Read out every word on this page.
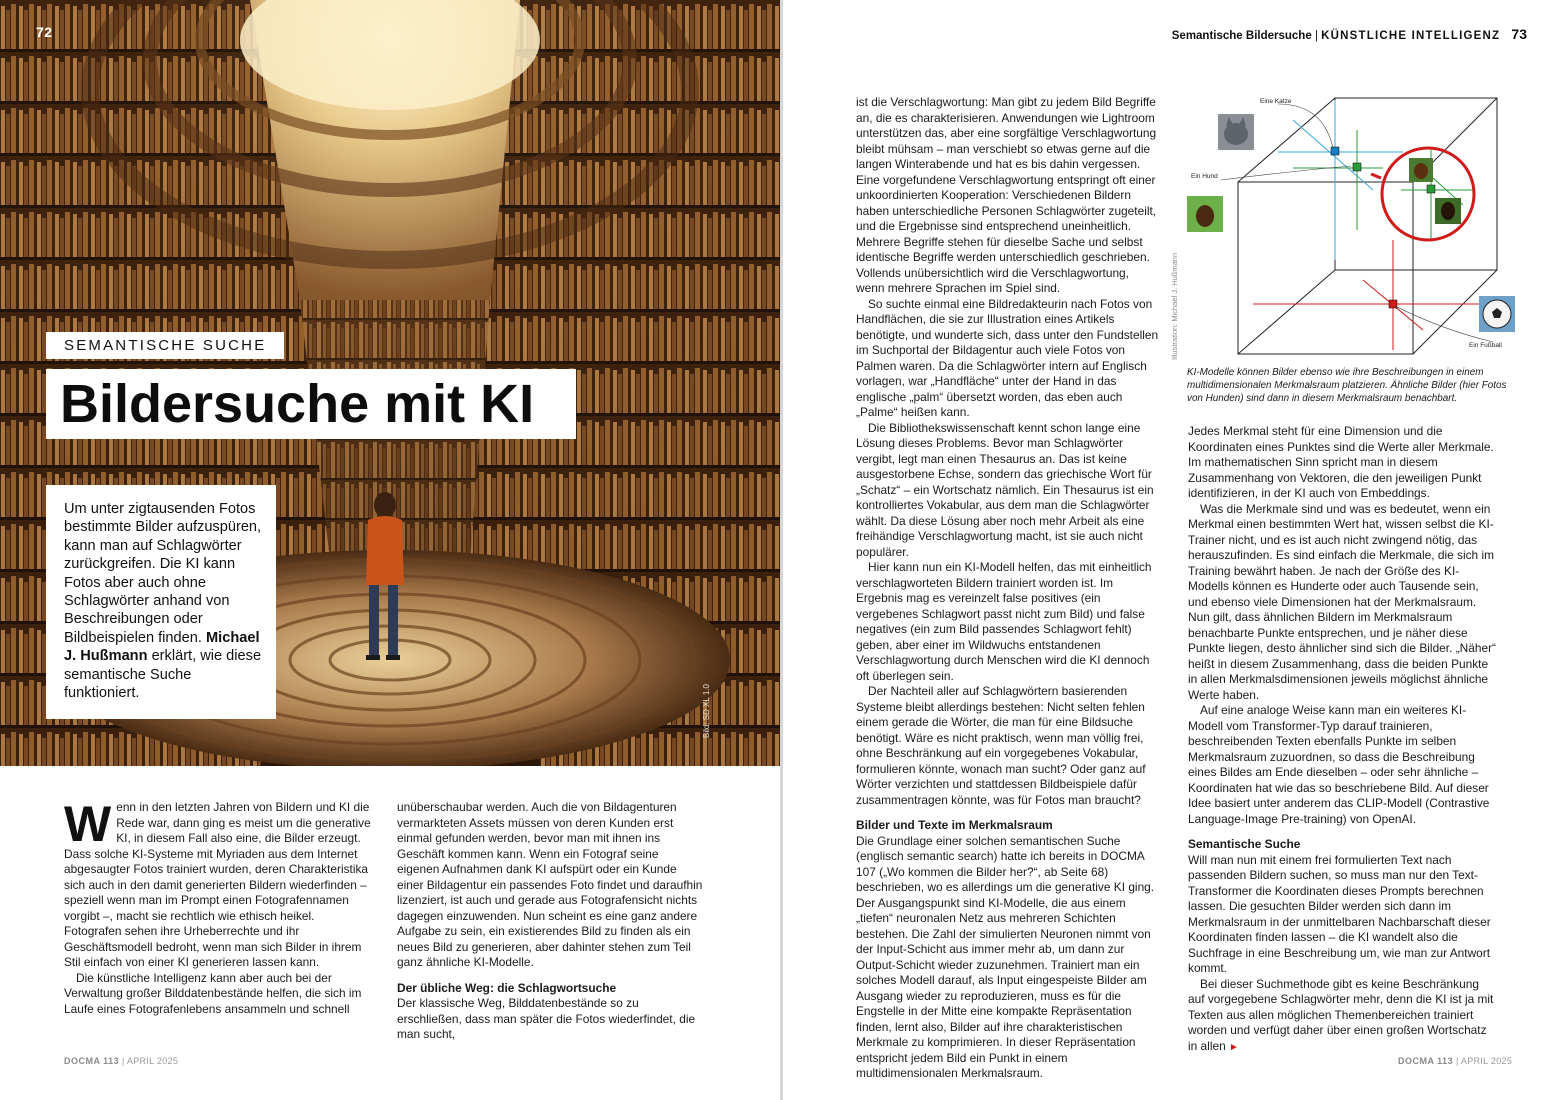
72
SEMANTISCHE SUCHE
Bildersuche mit KI
Um unter zigtausenden Fotos bestimmte Bilder aufzuspüren, kann man auf Schlagwörter zurückgreifen. Die KI kann Fotos aber auch ohne Schlagwörter anhand von Beschreibungen oder Bildbeispielen finden. Michael J. Hußmann erklärt, wie diese semantische Suche funktioniert.	Bild: SD XL 1.0

Wenn in den letzten Jahren von Bildern und KI die Rede war, dann ging es meist um die generative KI, in diesem Fall also eine, die Bilder erzeugt. Dass solche KI-Systeme mit Myriaden aus dem Internet abgesaugter Fotos trainiert wurden, deren Charakteristika sich auch in den damit generierten Bildern wiederfinden – speziell wenn man im Prompt einen Fotografennamen vorgibt –, macht sie rechtlich wie ethisch heikel. Fotografen sehen ihre Urheberrechte und ihr Geschäftsmodell bedroht, wenn man sich Bilder in ihrem Stil einfach von einer KI generieren lassen kann.

Die künstliche Intelligenz kann aber auch bei der Verwaltung großer Bilddatenbestände helfen, die sich im Laufe eines Fotografenlebens ansammeln und schnell

unüberschaubar werden. Auch die von Bildagenturen vermarkteten Assets müssen von deren Kunden erst einmal gefunden werden, bevor man mit ihnen ins Geschäft kommen kann. Wenn ein Fotograf seine eigenen Aufnahmen dank KI aufspürt oder ein Kunde einer Bildagentur ein passendes Foto findet und daraufhin lizenziert, ist auch und gerade aus Fotografensicht nichts dagegen einzuwenden. Nun scheint es eine ganz andere Aufgabe zu sein, ein existierendes Bild zu finden als ein neues Bild zu generieren, aber dahinter stehen zum Teil ganz ähnliche KI-Modelle.

Der übliche Weg: die Schlagwortsuche

Der klassische Weg, Bilddatenbestände so zu erschließen, dass man später die Fotos wiederfindet, die man sucht,

DOCMA 113 | APRIL 2025
Semantische Bildersuche | KÜNSTLICHE INTELLIGENZ 73

ist die Verschlagwortung: Man gibt zu jedem Bild Begriffe an, die es charakterisieren. Anwendungen wie Lightroom unterstützen das, aber eine sorgfältige Verschlagwortung bleibt mühsam – man verschiebt so etwas gerne auf die langen Winterabende und hat es bis dahin vergessen. Eine vorgefundene Verschlagwortung entspringt oft einer unkoordinierten Kooperation: Verschiedenen Bildern haben unterschiedliche Personen Schlagwörter zugeteilt, und die Ergebnisse sind entsprechend uneinheitlich. Mehrere Begriffe stehen für dieselbe Sache und selbst identische Begriffe werden unterschiedlich geschrieben. Vollends unübersichtlich wird die Verschlagwortung, wenn mehrere Sprachen im Spiel sind.

So suchte einmal eine Bildredakteurin nach Fotos von Handflächen, die sie zur Illustration eines Artikels benötigte, und wunderte sich, dass unter den Fundstellen im Suchportal der Bildagentur auch viele Fotos von Palmen waren. Da die Schlagwörter intern auf Englisch vorlagen, war „Handfläche“ unter der Hand in das englische „palm“ übersetzt worden, das eben auch „Palme“ heißen kann.

Die Bibliothekswissenschaft kennt schon lange eine Lösung dieses Problems. Bevor man Schlagwörter vergibt, legt man einen Thesaurus an. Das ist keine ausgestorbene Echse, sondern das griechische Wort für „Schatz“ – ein Wortschatz nämlich. Ein Thesaurus ist ein kontrolliertes Vokabular, aus dem man die Schlagwörter wählt. Da diese Lösung aber noch mehr Arbeit als eine freihändige Verschlagwortung macht, ist sie auch nicht populärer.

Hier kann nun ein KI-Modell helfen, das mit einheitlich verschlagworteten Bildern trainiert worden ist. Im Ergebnis mag es vereinzelt false positives (ein vergebenes Schlagwort passt nicht zum Bild) und false negatives (ein zum Bild passendes Schlagwort fehlt) geben, aber einer im Wildwuchs entstandenen Verschlagwortung durch Menschen wird die KI dennoch oft überlegen sein.

Der Nachteil aller auf Schlagwörtern basierenden Systeme bleibt allerdings bestehen: Nicht selten fehlen einem gerade die Wörter, die man für eine Bildsuche benötigt. Wäre es nicht praktisch, wenn man völlig frei, ohne Beschränkung auf ein vorgegebenes Vokabular, formulieren könnte, wonach man sucht? Oder ganz auf Wörter verzichten und stattdessen Bildbeispiele dafür zusammentragen könnte, was für Fotos man braucht?

Bilder und Texte im Merkmalsraum

Die Grundlage einer solchen semantischen Suche (englisch semantic search) hatte ich bereits in DOCMA 107 („Wo kommen die Bilder her?“, ab Seite 68) beschrieben, wo es allerdings um die generative KI ging. Der Ausgangspunkt sind KI-Modelle, die aus einem „tiefen“ neuronalen Netz aus mehreren Schichten bestehen. Die Zahl der simulierten Neuronen nimmt von der Input-Schicht aus immer mehr ab, um dann zur Output-Schicht wieder zuzunehmen. Trainiert man ein solches Modell darauf, als Input eingespeiste Bilder am Ausgang wieder zu reproduzieren, muss es für die Engstelle in der Mitte eine kompakte Repräsentation finden, lernt also, Bilder auf ihre charakteristischen Merkmale zu komprimieren. In dieser Repräsentation entspricht jedem Bild ein Punkt in einem multidimensionalen Merkmalsraum.

Eine Katze
Ein Hund
Ein Fußball
Illustration: Michael J. Hußmann
KI-Modelle können Bilder ebenso wie ihre Beschreibungen in einem multidimensionalen Merkmalsraum platzieren. Ähnliche Bilder (hier Fotos von Hunden) sind dann in diesem Merkmalsraum benachbart.

Jedes Merkmal steht für eine Dimension und die Koordinaten eines Punktes sind die Werte aller Merkmale. Im mathematischen Sinn spricht man in diesem Zusammenhang von Vektoren, die den jeweiligen Punkt identifizieren, in der KI auch von Embeddings.

Was die Merkmale sind und was es bedeutet, wenn ein Merkmal einen bestimmten Wert hat, wissen selbst die KI-Trainer nicht, und es ist auch nicht zwingend nötig, das herauszufinden. Es sind einfach die Merkmale, die sich im Training bewährt haben. Je nach der Größe des KI-Modells können es Hunderte oder auch Tausende sein, und ebenso viele Dimensionen hat der Merkmalsraum. Nun gilt, dass ähnlichen Bildern im Merkmalsraum benachbarte Punkte entsprechen, und je näher diese Punkte liegen, desto ähnlicher sind sich die Bilder. „Näher“ heißt in diesem Zusammenhang, dass die beiden Punkte in allen Merkmalsdimensionen jeweils möglichst ähnliche Werte haben.

Auf eine analoge Weise kann man ein weiteres KI-Modell vom Transformer-Typ darauf trainieren, beschreibenden Texten ebenfalls Punkte im selben Merkmalsraum zuzuordnen, so dass die Beschreibung eines Bildes am Ende dieselben – oder sehr ähnliche – Koordinaten hat wie das so beschriebene Bild. Auf dieser Idee basiert unter anderem das CLIP-Modell (Contrastive Language-Image Pre-training) von OpenAI.

Semantische Suche

Will man nun mit einem frei formulierten Text nach passenden Bildern suchen, so muss man nur den Text-Transformer die Koordinaten dieses Prompts berechnen lassen. Die gesuchten Bilder werden sich dann im Merkmalsraum in der unmittelbaren Nachbarschaft dieser Koordinaten finden lassen – die KI wandelt also die Suchfrage in eine Beschreibung um, wie man zur Antwort kommt.

Bei dieser Suchmethode gibt es keine Beschränkung auf vorgegebene Schlagwörter mehr, denn die KI ist ja mit Texten aus allen möglichen Themenbereichen trainiert worden und verfügt daher über einen großen Wortschatz in allen ►

DOCMA 113 | APRIL 2025
